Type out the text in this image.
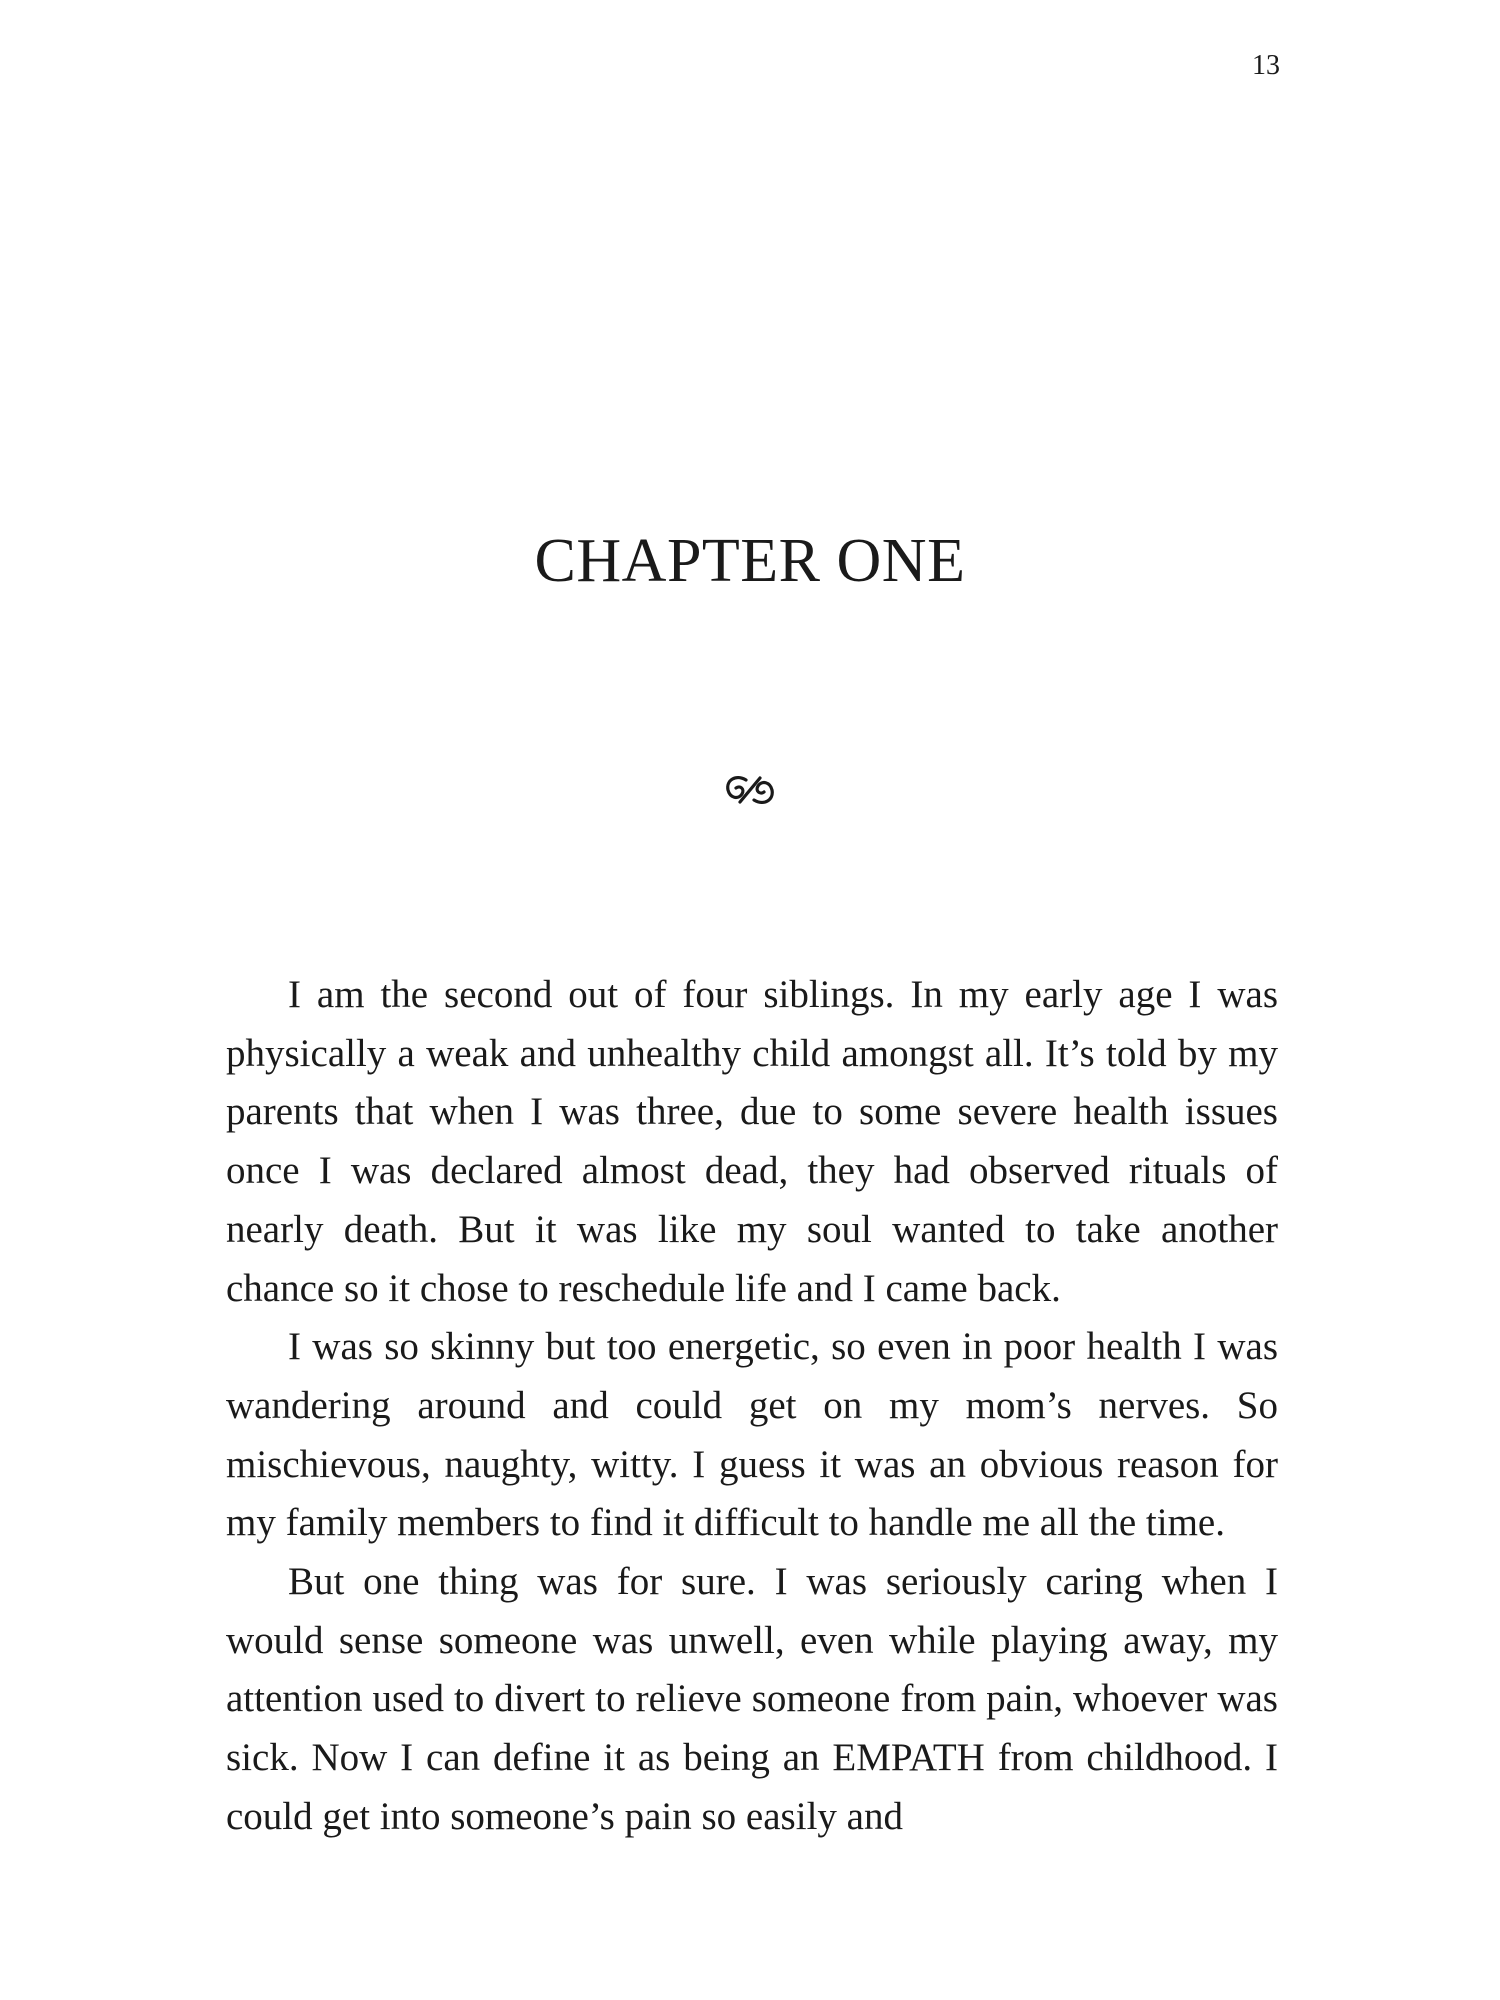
13
CHAPTER ONE

I am the second out of four siblings. In my early age I was physically a weak and unhealthy child amongst all. It’s told by my parents that when I was three, due to some severe health issues once I was declared almost dead, they had observed rituals of nearly death. But it was like my soul wanted to take another chance so it chose to reschedule life and I came back.

I was so skinny but too energetic, so even in poor health I was wandering around and could get on my mom’s nerves. So mischievous, naughty, witty. I guess it was an obvious reason for my family members to find it difficult to handle me all the time.

But one thing was for sure. I was seriously caring when I would sense someone was unwell, even while playing away, my attention used to divert to relieve someone from pain, whoever was sick. Now I can define it as being an EMPATH from childhood. I could get into someone’s pain so easily and
